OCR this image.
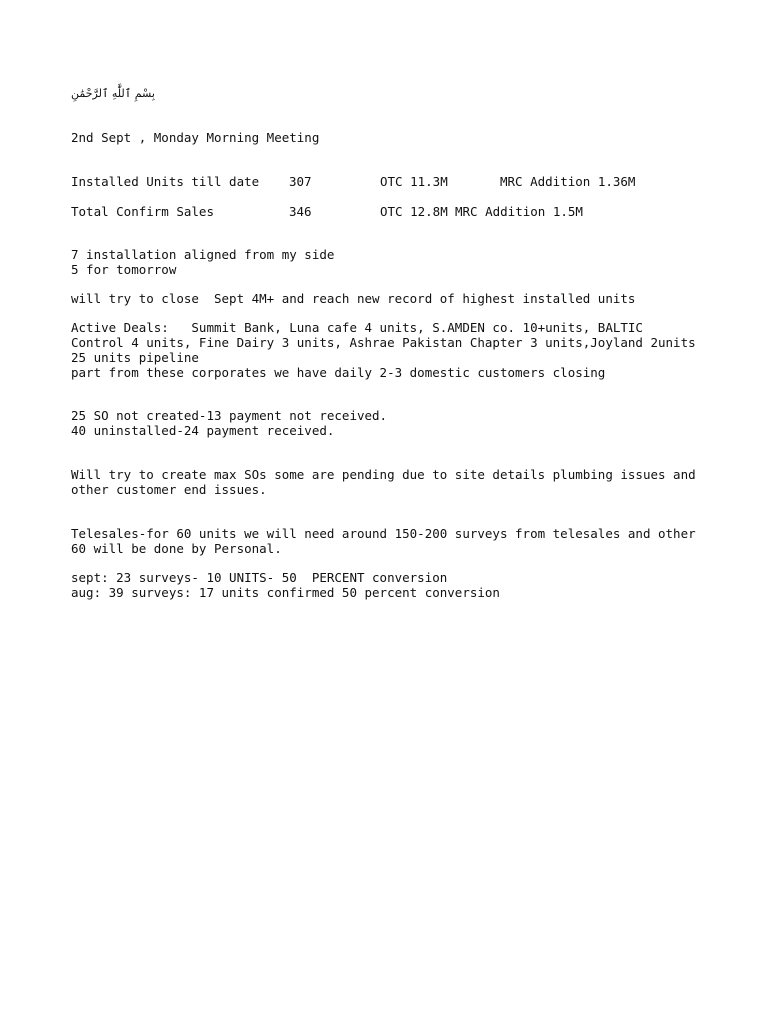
بِسْمِ ٱللَّٰهِ ٱلرَّحْمَٰنِ
2nd Sept , Monday Morning Meeting
Installed Units till date 307	OTC 11.3M	MRC Addition 1.36M
Total Confirm Sales	346	OTC 12.8M MRC Addition 1.5M
7 installation aligned from my side
5 for tomorrow
will try to close  Sept 4M+ and reach new record of highest installed units
Active Deals:   Summit Bank, Luna cafe 4 units, S.AMDEN co. 10+units, BALTIC
Control 4 units, Fine Dairy 3 units, Ashrae Pakistan Chapter 3 units,Joyland 2units
25 units pipeline
part from these corporates we have daily 2-3 domestic customers closing
25 SO not created-13 payment not received.
40 uninstalled-24 payment received.
Will try to create max SOs some are pending due to site details plumbing issues and
other customer end issues.
Telesales-for 60 units we will need around 150-200 surveys from telesales and other
60 will be done by Personal.
sept: 23 surveys- 10 UNITS- 50  PERCENT conversion
aug: 39 surveys: 17 units confirmed 50 percent conversion
